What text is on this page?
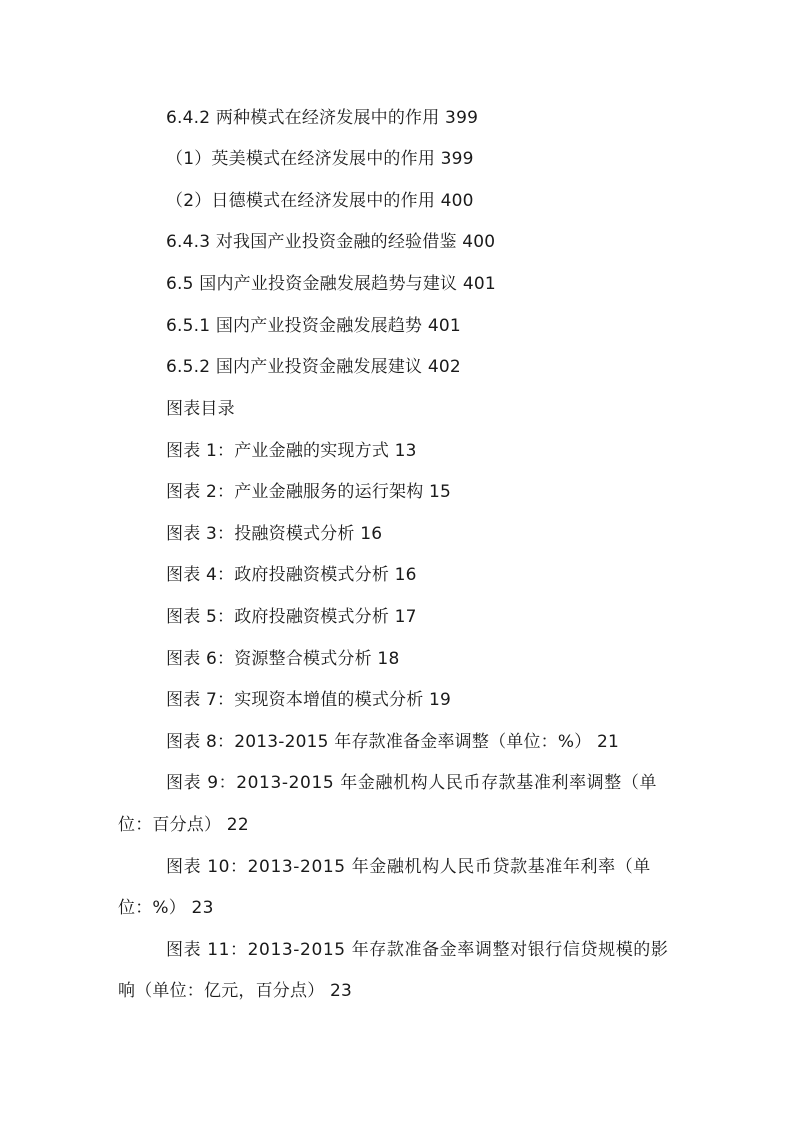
6.4.2 两种模式在经济发展中的作用 399
（1）英美模式在经济发展中的作用 399
（2）日德模式在经济发展中的作用 400
6.4.3 对我国产业投资金融的经验借鉴 400
6.5 国内产业投资金融发展趋势与建议 401
6.5.1 国内产业投资金融发展趋势 401
6.5.2 国内产业投资金融发展建议 402
图表目录
图表 1：产业金融的实现方式 13
图表 2：产业金融服务的运行架构 15
图表 3：投融资模式分析 16
图表 4：政府投融资模式分析 16
图表 5：政府投融资模式分析 17
图表 6：资源整合模式分析 18
图表 7：实现资本增值的模式分析 19
图表 8：2013-2015 年存款准备金率调整（单位：%） 21
图表 9：2013-2015 年金融机构人民币存款基准利率调整（单
位：百分点） 22
图表 10：2013-2015 年金融机构人民币贷款基准年利率（单
位：%） 23
图表 11：2013-2015 年存款准备金率调整对银行信贷规模的影
响（单位：亿元，百分点） 23
